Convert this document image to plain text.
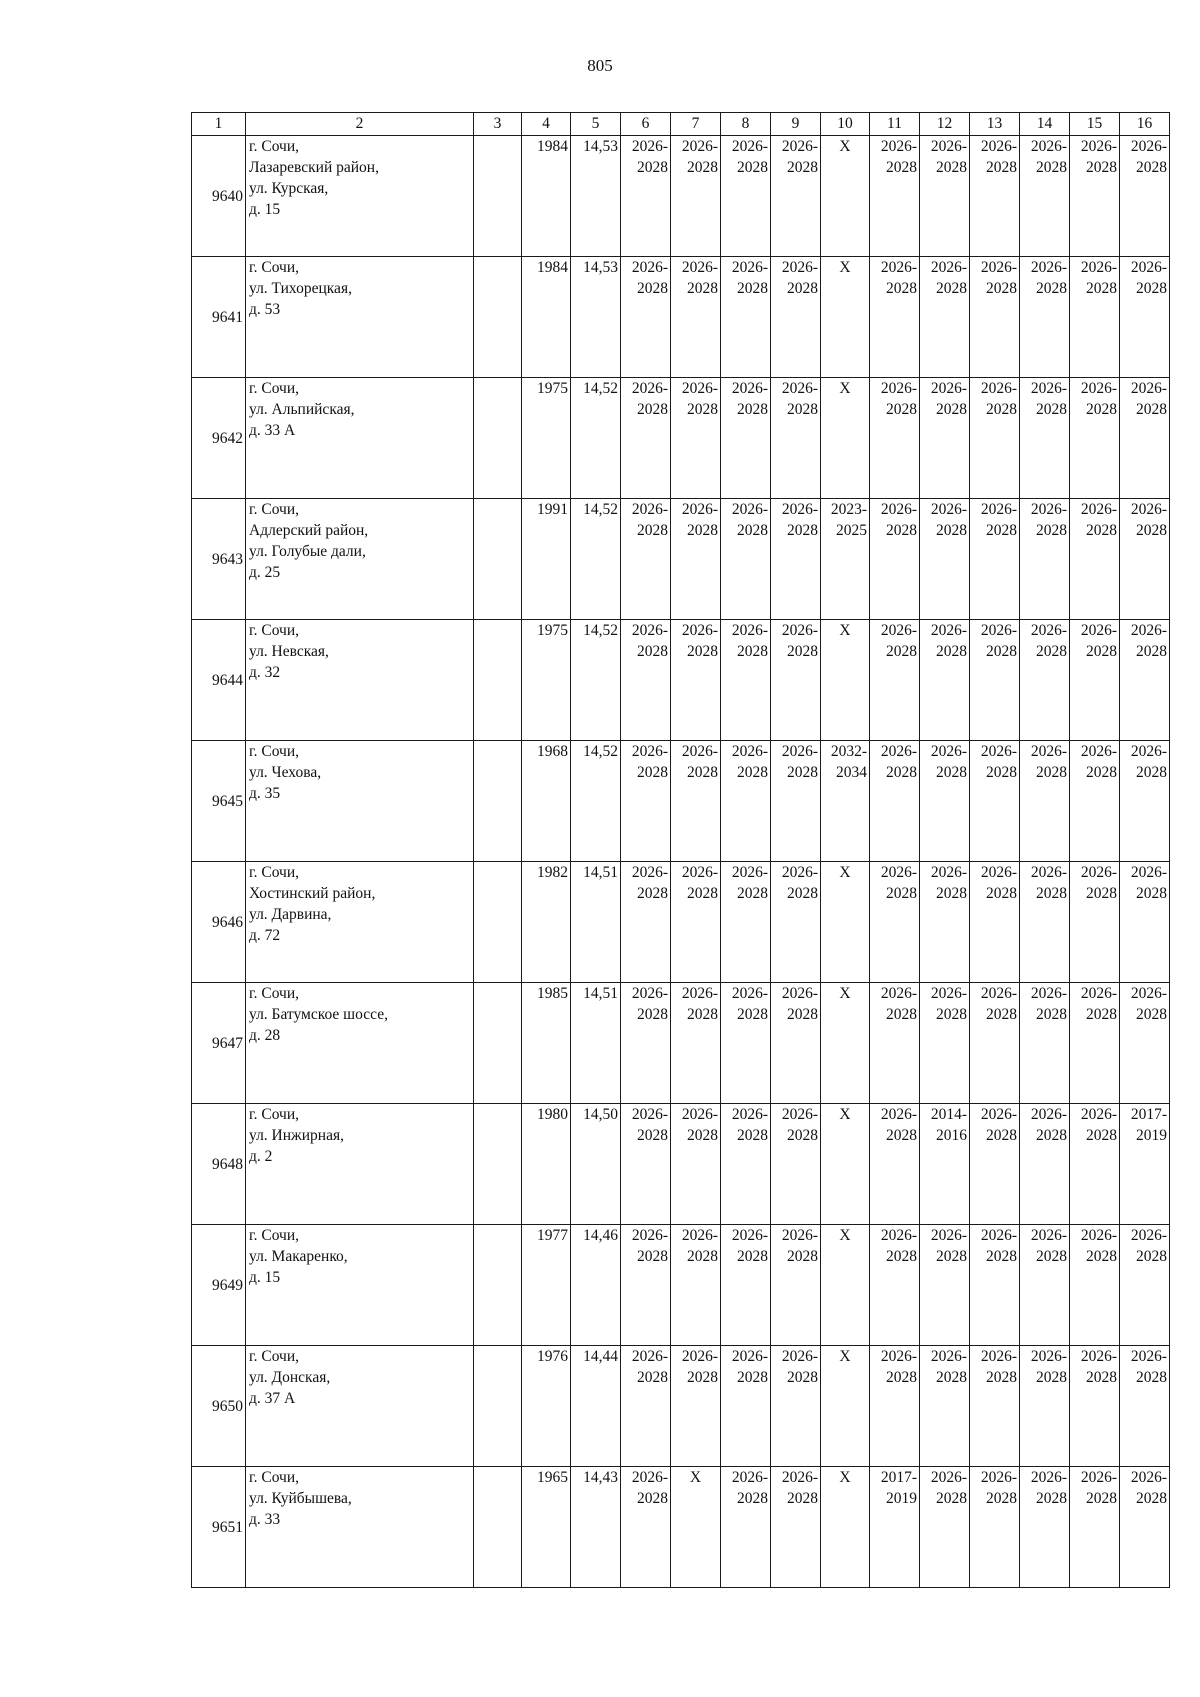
805
1	2	3	4	5	6	7	8	9	10	11	12	13	14	15	16
9640	г. Сочи,
Лазаревский район,
ул. Курская,
д. 15		1984	14,53	2026-
2028	2026-
2028	2026-
2028	2026-
2028	Х	2026-
2028	2026-
2028	2026-
2028	2026-
2028	2026-
2028	2026-
2028

9641	г. Сочи,
ул. Тихорецкая,
д. 53		1984	14,53	2026-
2028	2026-
2028	2026-
2028	2026-
2028	Х	2026-
2028	2026-
2028	2026-
2028	2026-
2028	2026-
2028	2026-
2028

9642	г. Сочи,
ул. Альпийская,
д. 33 А		1975	14,52	2026-
2028	2026-
2028	2026-
2028	2026-
2028	Х	2026-
2028	2026-
2028	2026-
2028	2026-
2028	2026-
2028	2026-
2028

9643	г. Сочи,
Адлерский район,
ул. Голубые дали,
д. 25		1991	14,52	2026-
2028	2026-
2028	2026-
2028	2026-
2028	2023-
2025	2026-
2028	2026-
2028	2026-
2028	2026-
2028	2026-
2028	2026-
2028

9644	г. Сочи,
ул. Невская,
д. 32		1975	14,52	2026-
2028	2026-
2028	2026-
2028	2026-
2028	Х	2026-
2028	2026-
2028	2026-
2028	2026-
2028	2026-
2028	2026-
2028

9645	г. Сочи,
ул. Чехова,
д. 35		1968	14,52	2026-
2028	2026-
2028	2026-
2028	2026-
2028	2032-
2034	2026-
2028	2026-
2028	2026-
2028	2026-
2028	2026-
2028	2026-
2028

9646	г. Сочи,
Хостинский район,
ул. Дарвина,
д. 72		1982	14,51	2026-
2028	2026-
2028	2026-
2028	2026-
2028	Х	2026-
2028	2026-
2028	2026-
2028	2026-
2028	2026-
2028	2026-
2028

9647	г. Сочи,
ул. Батумское шоссе,
д. 28		1985	14,51	2026-
2028	2026-
2028	2026-
2028	2026-
2028	Х	2026-
2028	2026-
2028	2026-
2028	2026-
2028	2026-
2028	2026-
2028

9648	г. Сочи,
ул. Инжирная,
д. 2		1980	14,50	2026-
2028	2026-
2028	2026-
2028	2026-
2028	Х	2026-
2028	2014-
2016	2026-
2028	2026-
2028	2026-
2028	2017-
2019

9649	г. Сочи,
ул. Макаренко,
д. 15		1977	14,46	2026-
2028	2026-
2028	2026-
2028	2026-
2028	Х	2026-
2028	2026-
2028	2026-
2028	2026-
2028	2026-
2028	2026-
2028

9650	г. Сочи,
ул. Донская,
д. 37 А		1976	14,44	2026-
2028	2026-
2028	2026-
2028	2026-
2028	Х	2026-
2028	2026-
2028	2026-
2028	2026-
2028	2026-
2028	2026-
2028

9651	г. Сочи,
ул. Куйбышева,
д. 33		1965	14,43	2026-
2028	Х	2026-
2028	2026-
2028	Х	2017-
2019	2026-
2028	2026-
2028	2026-
2028	2026-
2028	2026-
2028
